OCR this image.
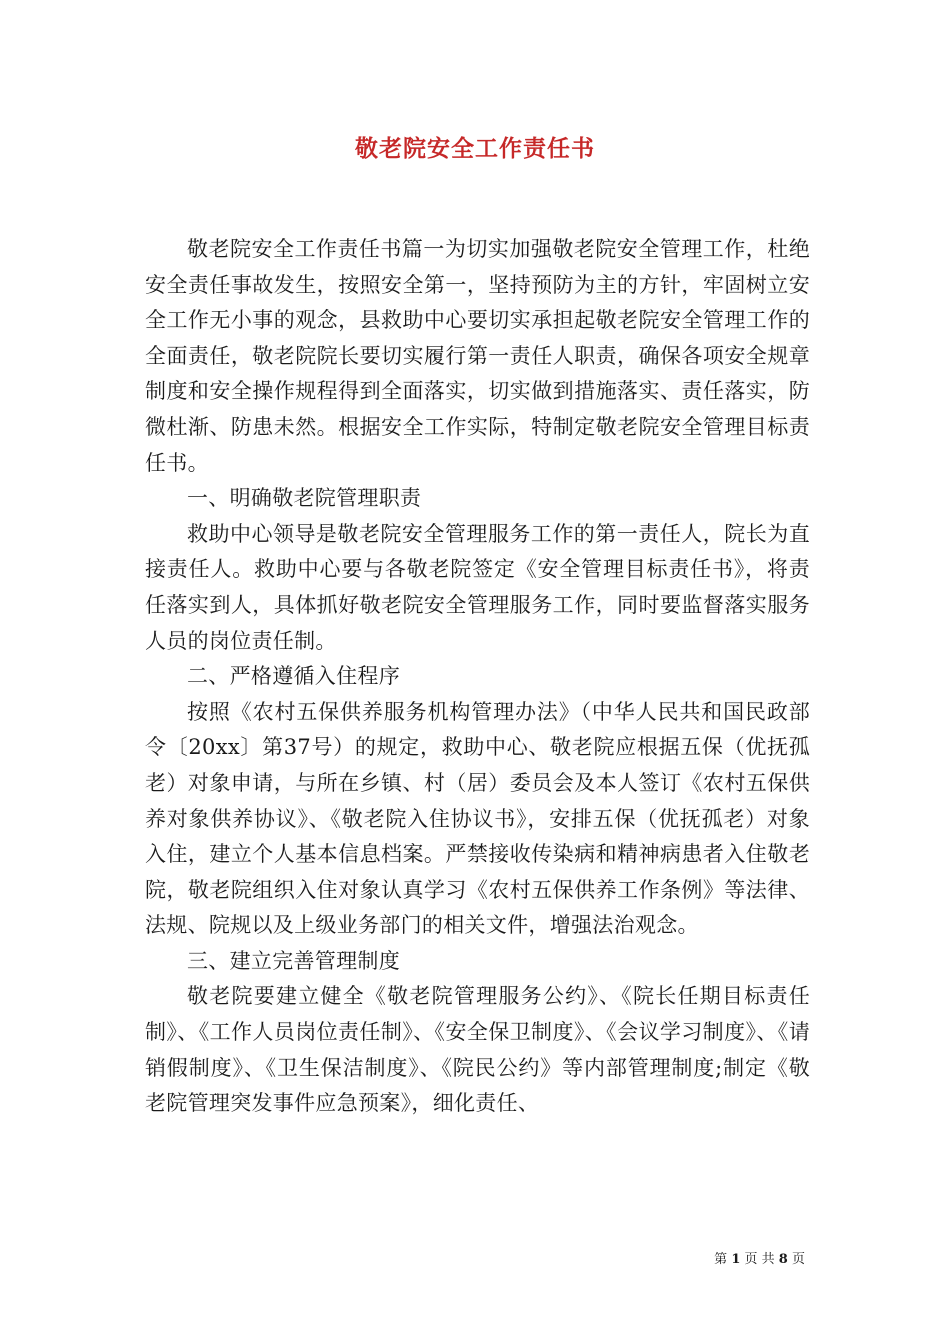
敬老院安全工作责任书

敬老院安全工作责任书篇一为切实加强敬老院安全管理工作，杜绝安全责任事故发生，按照安全第一，坚持预防为主的方针，牢固树立安全工作无小事的观念，县救助中心要切实承担起敬老院安全管理工作的全面责任，敬老院院长要切实履行第一责任人职责，确保各项安全规章制度和安全操作规程得到全面落实，切实做到措施落实、责任落实，防微杜渐、防患未然。根据安全工作实际，特制定敬老院安全管理目标责任书。

一、明确敬老院管理职责

救助中心领导是敬老院安全管理服务工作的第一责任人，院长为直接责任人。救助中心要与各敬老院签定《安全管理目标责任书》，将责任落实到人，具体抓好敬老院安全管理服务工作，同时要监督落实服务人员的岗位责任制。

二、严格遵循入住程序

按照《农村五保供养服务机构管理办法》（中华人民共和国民政部令〔20xx〕第37号）的规定，救助中心、敬老院应根据五保（优抚孤老）对象申请，与所在乡镇、村（居）委员会及本人签订《农村五保供养对象供养协议》、《敬老院入住协议书》，安排五保（优抚孤老）对象入住，建立个人基本信息档案。严禁接收传染病和精神病患者入住敬老院，敬老院组织入住对象认真学习《农村五保供养工作条例》等法律、法规、院规以及上级业务部门的相关文件，增强法治观念。

三、建立完善管理制度

敬老院要建立健全《敬老院管理服务公约》、《院长任期目标责任制》、《工作人员岗位责任制》、《安全保卫制度》、《会议学习制度》、《请销假制度》、《卫生保洁制度》、《院民公约》等内部管理制度;制定《敬老院管理突发事件应急预案》，细化责任、

第 1 页 共 8 页
